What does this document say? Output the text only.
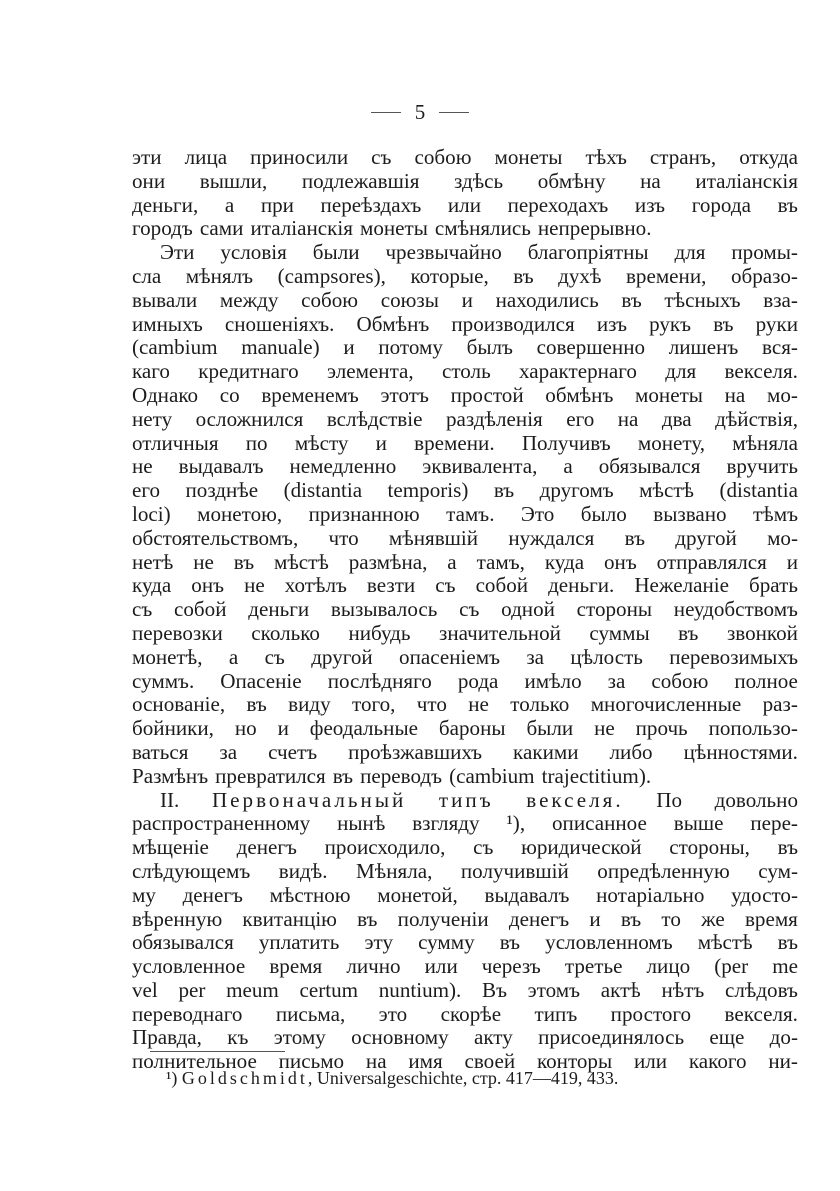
5
эти лица приносили съ собою монеты тѣхъ странъ, откуда
они вышли, подлежавшія здѣсь обмѣну на италіанскія
деньги, а при переѣздахъ или переходахъ изъ города въ
городъ сами италіанскія монеты смѣнялись непрерывно.
Эти условія были чрезвычайно благопріятны для промы-
сла мѣнялъ (campsores), которые, въ духѣ времени, образо-
вывали между собою союзы и находились въ тѣсныхъ вза-
имныхъ сношеніяхъ. Обмѣнъ производился изъ рукъ въ руки
(cambium manuale) и потому былъ совершенно лишенъ вся-
каго кредитнаго элемента, столь характернаго для векселя.
Однако со временемъ этотъ простой обмѣнъ монеты на мо-
нету осложнился вслѣдствіе раздѣленія его на два дѣйствія,
отличныя по мѣсту и времени. Получивъ монету, мѣняла
не выдавалъ немедленно эквивалента, а обязывался вручить
его позднѣе (distantia temporis) въ другомъ мѣстѣ (distantia
loci) монетою, признанною тамъ. Это было вызвано тѣмъ
обстоятельствомъ, что мѣнявшій нуждался въ другой мо-
нетѣ не въ мѣстѣ размѣна, а тамъ, куда онъ отправлялся и
куда онъ не хотѣлъ везти съ собой деньги. Нежеланіе брать
съ собой деньги вызывалось съ одной стороны неудобствомъ
перевозки сколько нибудь значительной суммы въ звонкой
монетѣ, а съ другой опасеніемъ за цѣлость перевозимыхъ
суммъ. Опасеніе послѣдняго рода имѣло за собою полное
основаніе, въ виду того, что не только многочисленные раз-
бойники, но и феодальные бароны были не прочь попользо-
ваться за счетъ проѣзжавшихъ какими либо цѣнностями.
Размѣнъ превратился въ переводъ (cambium trajectitium).
II. Первоначальный типъ векселя. По довольно
распространенному нынѣ взгляду ¹), описанное выше пере-
мѣщеніе денегъ происходило, съ юридической стороны, въ
слѣдующемъ видѣ. Мѣняла, получившій опредѣленную сум-
му денегъ мѣстною монетой, выдавалъ нотаріально удосто-
вѣренную квитанцію въ полученіи денегъ и въ то же время
обязывался уплатить эту сумму въ условленномъ мѣстѣ въ
условленное время лично или черезъ третье лицо (per me
vel per meum certum nuntium). Въ этомъ актѣ нѣтъ слѣдовъ
переводнаго письма, это скорѣе типъ простого векселя.
Правда, къ этому основному акту присоединялось еще до-
полнительное письмо на имя своей конторы или какого ни-
¹) Goldschmidt, Universalgeschichte, стр. 417—419, 433.
